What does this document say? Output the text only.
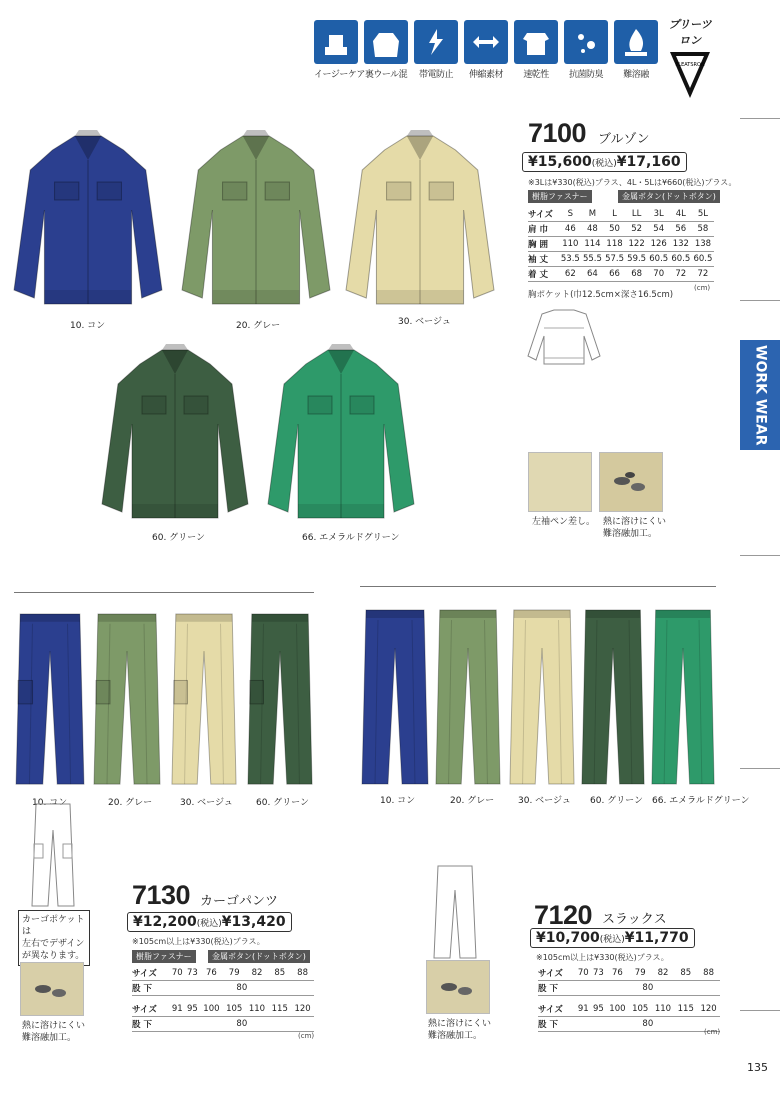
イージーケア 裏ウール混	帯電防止	伸縮素材	速乾性	抗菌防臭	難溶融
プリーツロン
PLEATSRON
WORK WEAR
10. コン	20. グレー	30. ベージュ
60. グリーン	66. エメラルドグリーン
7100 ブルゾン
¥15,600(税込)¥17,160
※3Lは¥330(税込)プラス、4L・5Lは¥660(税込)プラス。
樹脂ファスナー	金属ボタン(ドットボタン)
サイズ	S	M	L	LL	3L	4L	5L
肩 巾	46	48	50	52	54	56	58
胸 囲	110	114	118	122	126	132	138
袖 丈	53.5	55.5	57.5	59.5	60.5	60.5	60.5
着 丈	62	64	66	68	70	72	72
(cm)
胸ポケット(巾12.5cm×深さ16.5cm)
左袖ペン差し。 熱に溶けにくい
難溶融加工。
10. コン	20. グレー	30. ベージュ	60. グリーン	10. コン	20. グレー	30. ベージュ 60. グリーン 66. エメラルドグリーン
カーゴポケットは
左右でデザイン
が異なります。
熱に溶けにくい
難溶融加工。
7130 カーゴパンツ
¥12,200(税込)¥13,420
※105cm以上は¥330(税込)プラス。
樹脂ファスナー	金属ボタン(ドットボタン)
サイズ	70	73	76	79	82	85	88
股 下	80						

サイズ	91	95	100	105	110	115	120
股 下	80						
(cm)
熱に溶けにくい
難溶融加工。
7120 スラックス
¥10,700(税込)¥11,770
※105cm以上は¥330(税込)プラス。
サイズ	70	73	76	79	82	85	88
股 下	80						

サイズ	91	95	100	105	110	115	120
股 下	80						
(cm)
135
